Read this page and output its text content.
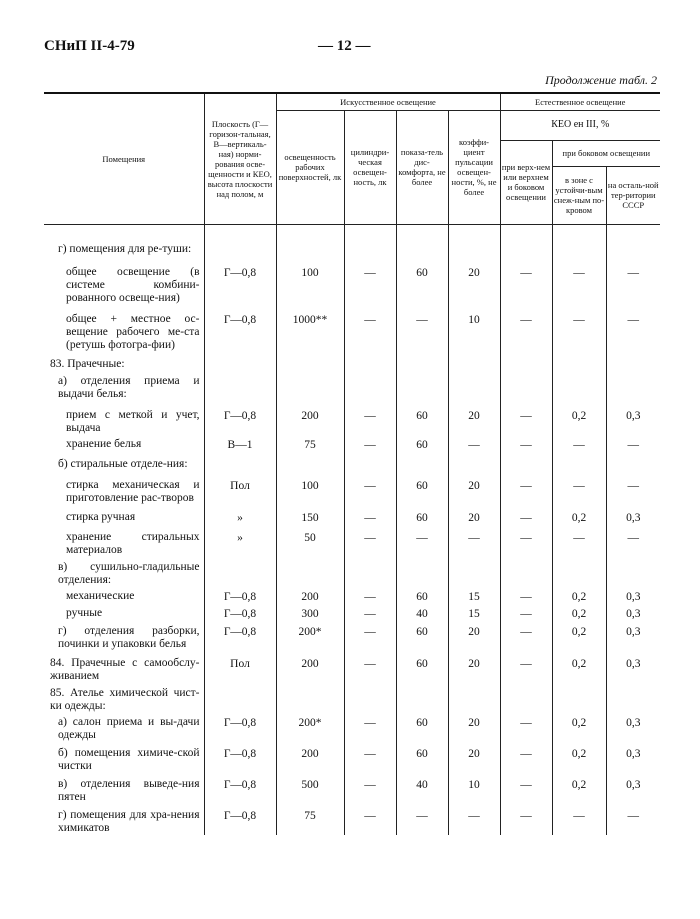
СНиП II-4-79	— 12 —
Продолжение табл. 2
Помещения	Плоскость (Г—горизон-тальная, В—вертикаль-ная) норми-рования осве-щенности и КЕО, высота плоскости над полом, м	Искусственное освещение				Естественное освещение		
		освещенность рабочих поверхностей, лк	цилиндри-ческая освещен-ность, лк	показа-тель дис-комфорта, не более	коэффи-циент пульсации освещен-ности, %, не более	КЕО eн III, %		
						при верх-нем или верхнем и боковом освещении	при боковом освещении	
							в зоне с устойчи-вым снеж-ным по-кровом	на осталь-ной тер-ритории СССР

г) помещения для ре-туши:								
общее освещение (в системе комбини-рованного освеще-ния)	Г—0,8	100	—	60	20	—	—	—
общее + местное ос-вещение рабочего ме-ста (ретушь фотогра-фии)	Г—0,8	1000**	—	—	10	—	—	—
83. Прачечные:								
а) отделения приема и выдачи белья:								
прием с меткой и учет, выдача	Г—0,8	200	—	60	20	—	0,2	0,3
хранение белья	В—1	75	—	60	—	—	—	—
б) стиральные отделе-ния:								
стирка механическая и приготовление рас-творов	Пол	100	—	60	20	—	—	—
стирка ручная	»	150	—	60	20	—	0,2	0,3
хранение стиральных материалов	»	50	—	—	—	—	—	—
в) сушильно-гладильные отделения:								
механические	Г—0,8	200	—	60	15	—	0,2	0,3
ручные	Г—0,8	300	—	40	15	—	0,2	0,3
г) отделения разборки, починки и упаковки белья	Г—0,8	200*	—	60	20	—	0,2	0,3
84. Прачечные с самообслу-живанием	Пол	200	—	60	20	—	0,2	0,3
85. Ателье химической чист-ки одежды:								
а) салон приема и вы-дачи одежды	Г—0,8	200*	—	60	20	—	0,2	0,3
б) помещения химиче-ской чистки	Г—0,8	200	—	60	20	—	0,2	0,3
в) отделения выведе-ния пятен	Г—0,8	500	—	40	10	—	0,2	0,3
г) помещения для хра-нения химикатов	Г—0,8	75	—	—	—	—	—	—
